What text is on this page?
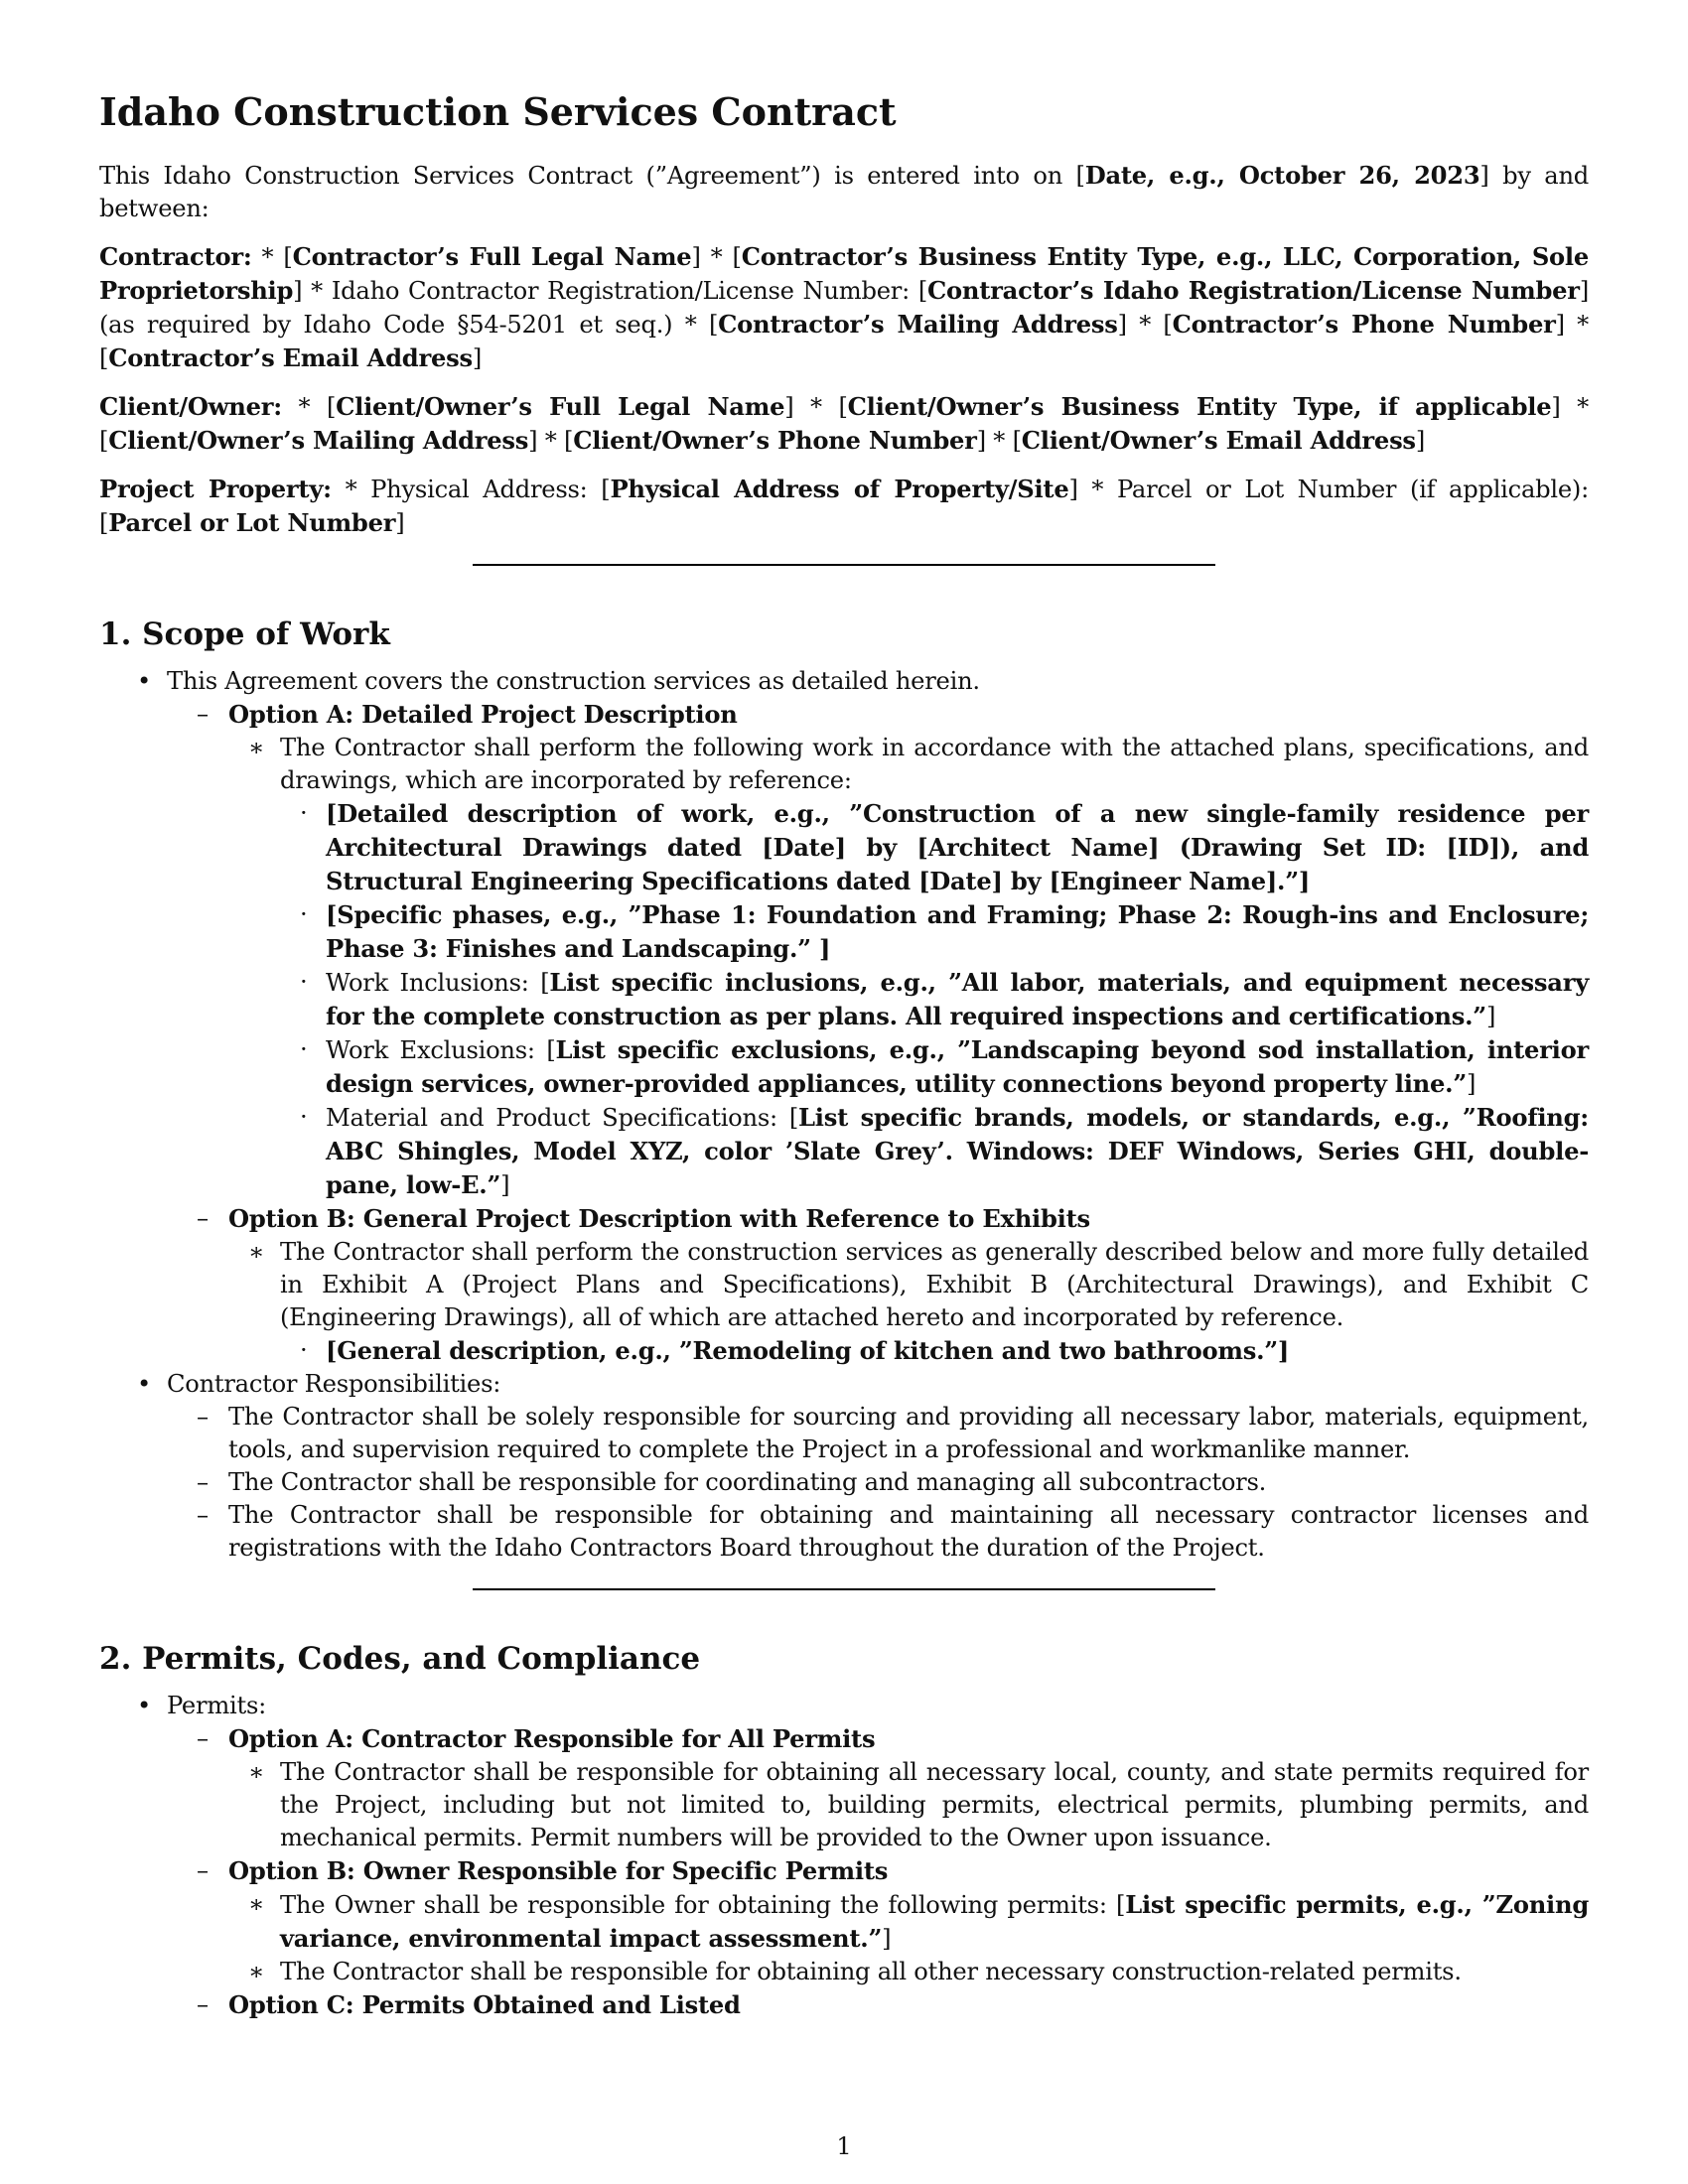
Idaho Construction Services Contract

This Idaho Construction Services Contract (”Agreement”) is entered into on [Date, e.g., October 26, 2023] by and between:

Contractor: * [Contractor’s Full Legal Name] * [Contractor’s Business Entity Type, e.g., LLC, Corporation, Sole Proprietorship] * Idaho Contractor Registration/License Number: [Contractor’s Idaho Registration/License Number] (as required by Idaho Code §54-5201 et seq.) * [Contractor’s Mailing Address] * [Contractor’s Phone Number] * [Contractor’s Email Address]

Client/Owner: * [Client/Owner’s Full Legal Name] * [Client/Owner’s Business Entity Type, if applicable] * [Client/Owner’s Mailing Address] * [Client/Owner’s Phone Number] * [Client/Owner’s Email Address]

Project Property: * Physical Address: [Physical Address of Property/Site] * Parcel or Lot Number (if applicable): [Parcel or Lot Number]

1. Scope of Work
• This Agreement covers the construction services as detailed herein.
– Option A: Detailed Project Description
∗ The Contractor shall perform the following work in accordance with the attached plans, specifications, and drawings, which are incorporated by reference:
· [Detailed description of work, e.g., ”Construction of a new single-family residence per Architectural Drawings dated [Date] by [Architect Name] (Drawing Set ID: [ID]), and Structural Engineering Specifications dated [Date] by [Engineer Name].”]
· [Specific phases, e.g., ”Phase 1: Foundation and Framing; Phase 2: Rough-ins and Enclosure; Phase 3: Finishes and Landscaping.” ]
· Work Inclusions: [List specific inclusions, e.g., ”All labor, materials, and equipment necessary for the complete construction as per plans. All required inspections and certifications.”]
· Work Exclusions: [List specific exclusions, e.g., ”Landscaping beyond sod installation, interior design services, owner-provided appliances, utility connections beyond property line.”]
· Material and Product Specifications: [List specific brands, models, or standards, e.g., ”Roofing: ABC Shingles, Model XYZ, color ’Slate Grey’. Windows: DEF Windows, Series GHI, double-pane, low-E.”]
– Option B: General Project Description with Reference to Exhibits
∗ The Contractor shall perform the construction services as generally described below and more fully detailed in Exhibit A (Project Plans and Specifications), Exhibit B (Architectural Drawings), and Exhibit C (Engineering Drawings), all of which are attached hereto and incorporated by reference.
· [General description, e.g., ”Remodeling of kitchen and two bathrooms.”]
• Contractor Responsibilities:
– The Contractor shall be solely responsible for sourcing and providing all necessary labor, materials, equipment, tools, and supervision required to complete the Project in a professional and workmanlike manner.
– The Contractor shall be responsible for coordinating and managing all subcontractors.
– The Contractor shall be responsible for obtaining and maintaining all necessary contractor licenses and registrations with the Idaho Contractors Board throughout the duration of the Project.
2. Permits, Codes, and Compliance
• Permits:
– Option A: Contractor Responsible for All Permits
∗ The Contractor shall be responsible for obtaining all necessary local, county, and state permits required for the Project, including but not limited to, building permits, electrical permits, plumbing permits, and mechanical permits. Permit numbers will be provided to the Owner upon issuance.
– Option B: Owner Responsible for Specific Permits
∗ The Owner shall be responsible for obtaining the following permits: [List specific permits, e.g., ”Zoning variance, environmental impact assessment.”]
∗ The Contractor shall be responsible for obtaining all other necessary construction-related permits.
– Option C: Permits Obtained and Listed
1
